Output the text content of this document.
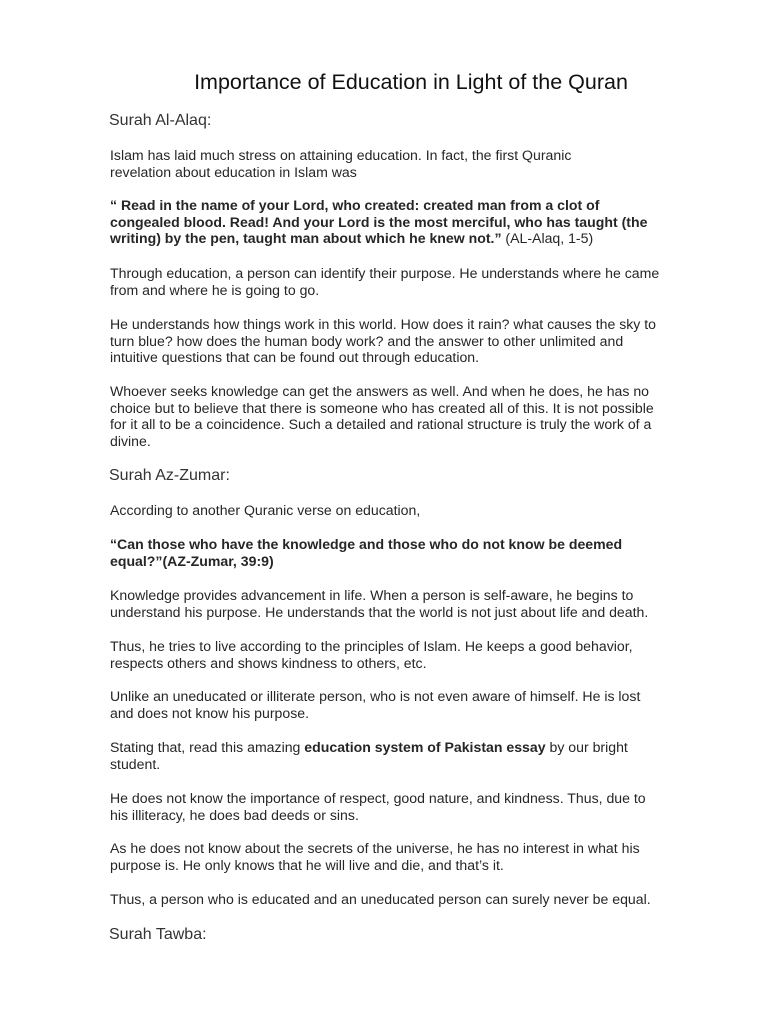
Importance of Education in Light of the Quran
Surah Al-Alaq:

Islam has laid much stress on attaining education. In fact, the first Quranic
revelation about education in Islam was

“ Read in the name of your Lord, who created: created man from a clot of
congealed blood. Read! And your Lord is the most merciful, who has taught (the
writing) by the pen, taught man about which he knew not.” (AL-Alaq, 1-5)

Through education, a person can identify their purpose. He understands where he came
from and where he is going to go.

He understands how things work in this world. How does it rain? what causes the sky to
turn blue? how does the human body work? and the answer to other unlimited and
intuitive questions that can be found out through education.

Whoever seeks knowledge can get the answers as well. And when he does, he has no
choice but to believe that there is someone who has created all of this. It is not possible
for it all to be a coincidence. Such a detailed and rational structure is truly the work of a
divine.

Surah Az-Zumar:

According to another Quranic verse on education,

“Can those who have the knowledge and those who do not know be deemed
equal?”(AZ-Zumar, 39:9)

Knowledge provides advancement in life. When a person is self-aware, he begins to
understand his purpose. He understands that the world is not just about life and death.

Thus, he tries to live according to the principles of Islam. He keeps a good behavior,
respects others and shows kindness to others, etc.

Unlike an uneducated or illiterate person, who is not even aware of himself. He is lost
and does not know his purpose.

Stating that, read this amazing education system of Pakistan essay by our bright
student.

He does not know the importance of respect, good nature, and kindness. Thus, due to
his illiteracy, he does bad deeds or sins.

As he does not know about the secrets of the universe, he has no interest in what his
purpose is. He only knows that he will live and die, and that’s it.

Thus, a person who is educated and an uneducated person can surely never be equal.

Surah Tawba:
